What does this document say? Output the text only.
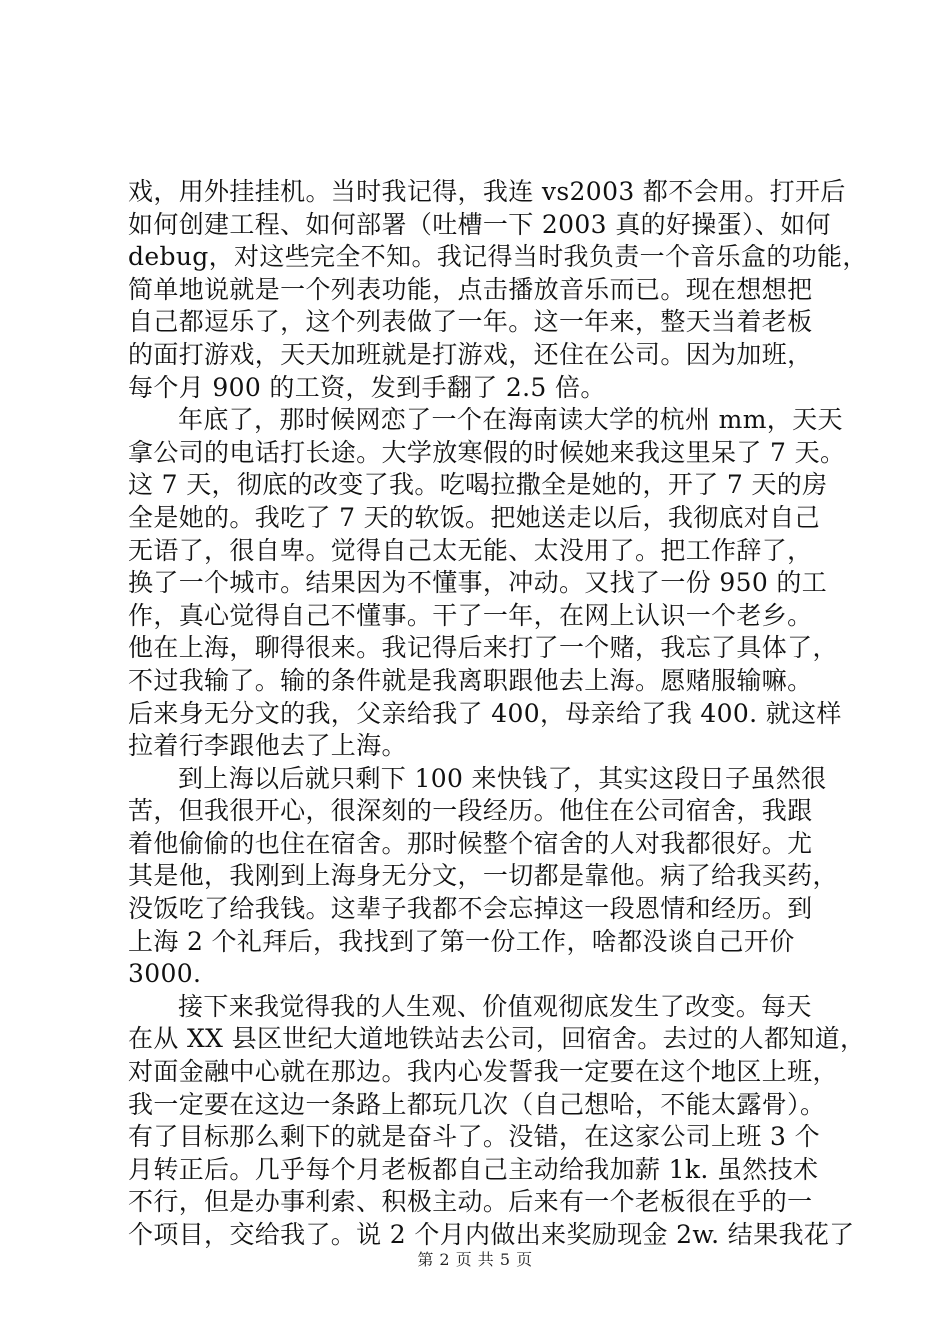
戏，用外挂挂机。当时我记得，我连 vs2003 都不会用。打开后
如何创建工程、如何部署（吐槽一下 2003 真的好操蛋）、如何
debug，对这些完全不知。我记得当时我负责一个音乐盒的功能，
简单地说就是一个列表功能，点击播放音乐而已。现在想想把
自己都逗乐了，这个列表做了一年。这一年来，整天当着老板
的面打游戏，天天加班就是打游戏，还住在公司。因为加班，
每个月 900 的工资，发到手翻了 2.5 倍。
年底了，那时候网恋了一个在海南读大学的杭州 mm，天天
拿公司的电话打长途。大学放寒假的时候她来我这里呆了 7 天。
这 7 天，彻底的改变了我。吃喝拉撒全是她的，开了 7 天的房
全是她的。我吃了 7 天的软饭。把她送走以后，我彻底对自己
无语了，很自卑。觉得自己太无能、太没用了。把工作辞了，
换了一个城市。结果因为不懂事，冲动。又找了一份 950 的工
作，真心觉得自己不懂事。干了一年，在网上认识一个老乡。
他在上海，聊得很来。我记得后来打了一个赌，我忘了具体了，
不过我输了。输的条件就是我离职跟他去上海。愿赌服输嘛。
后来身无分文的我，父亲给我了 400，母亲给了我 400. 就这样
拉着行李跟他去了上海。
到上海以后就只剩下 100 来快钱了，其实这段日子虽然很
苦，但我很开心，很深刻的一段经历。他住在公司宿舍，我跟
着他偷偷的也住在宿舍。那时候整个宿舍的人对我都很好。尤
其是他，我刚到上海身无分文，一切都是靠他。病了给我买药，
没饭吃了给我钱。这辈子我都不会忘掉这一段恩情和经历。到
上海 2 个礼拜后，我找到了第一份工作，啥都没谈自己开价
3000.
接下来我觉得我的人生观、价值观彻底发生了改变。每天
在从 XX 县区世纪大道地铁站去公司，回宿舍。去过的人都知道，
对面金融中心就在那边。我内心发誓我一定要在这个地区上班，
我一定要在这边一条路上都玩几次（自己想哈，不能太露骨）。
有了目标那么剩下的就是奋斗了。没错，在这家公司上班 3 个
月转正后。几乎每个月老板都自己主动给我加薪 1k. 虽然技术
不行，但是办事利索、积极主动。后来有一个老板很在乎的一
个项目，交给我了。说 2 个月内做出来奖励现金 2w. 结果我花了
第 2 页 共 5 页
